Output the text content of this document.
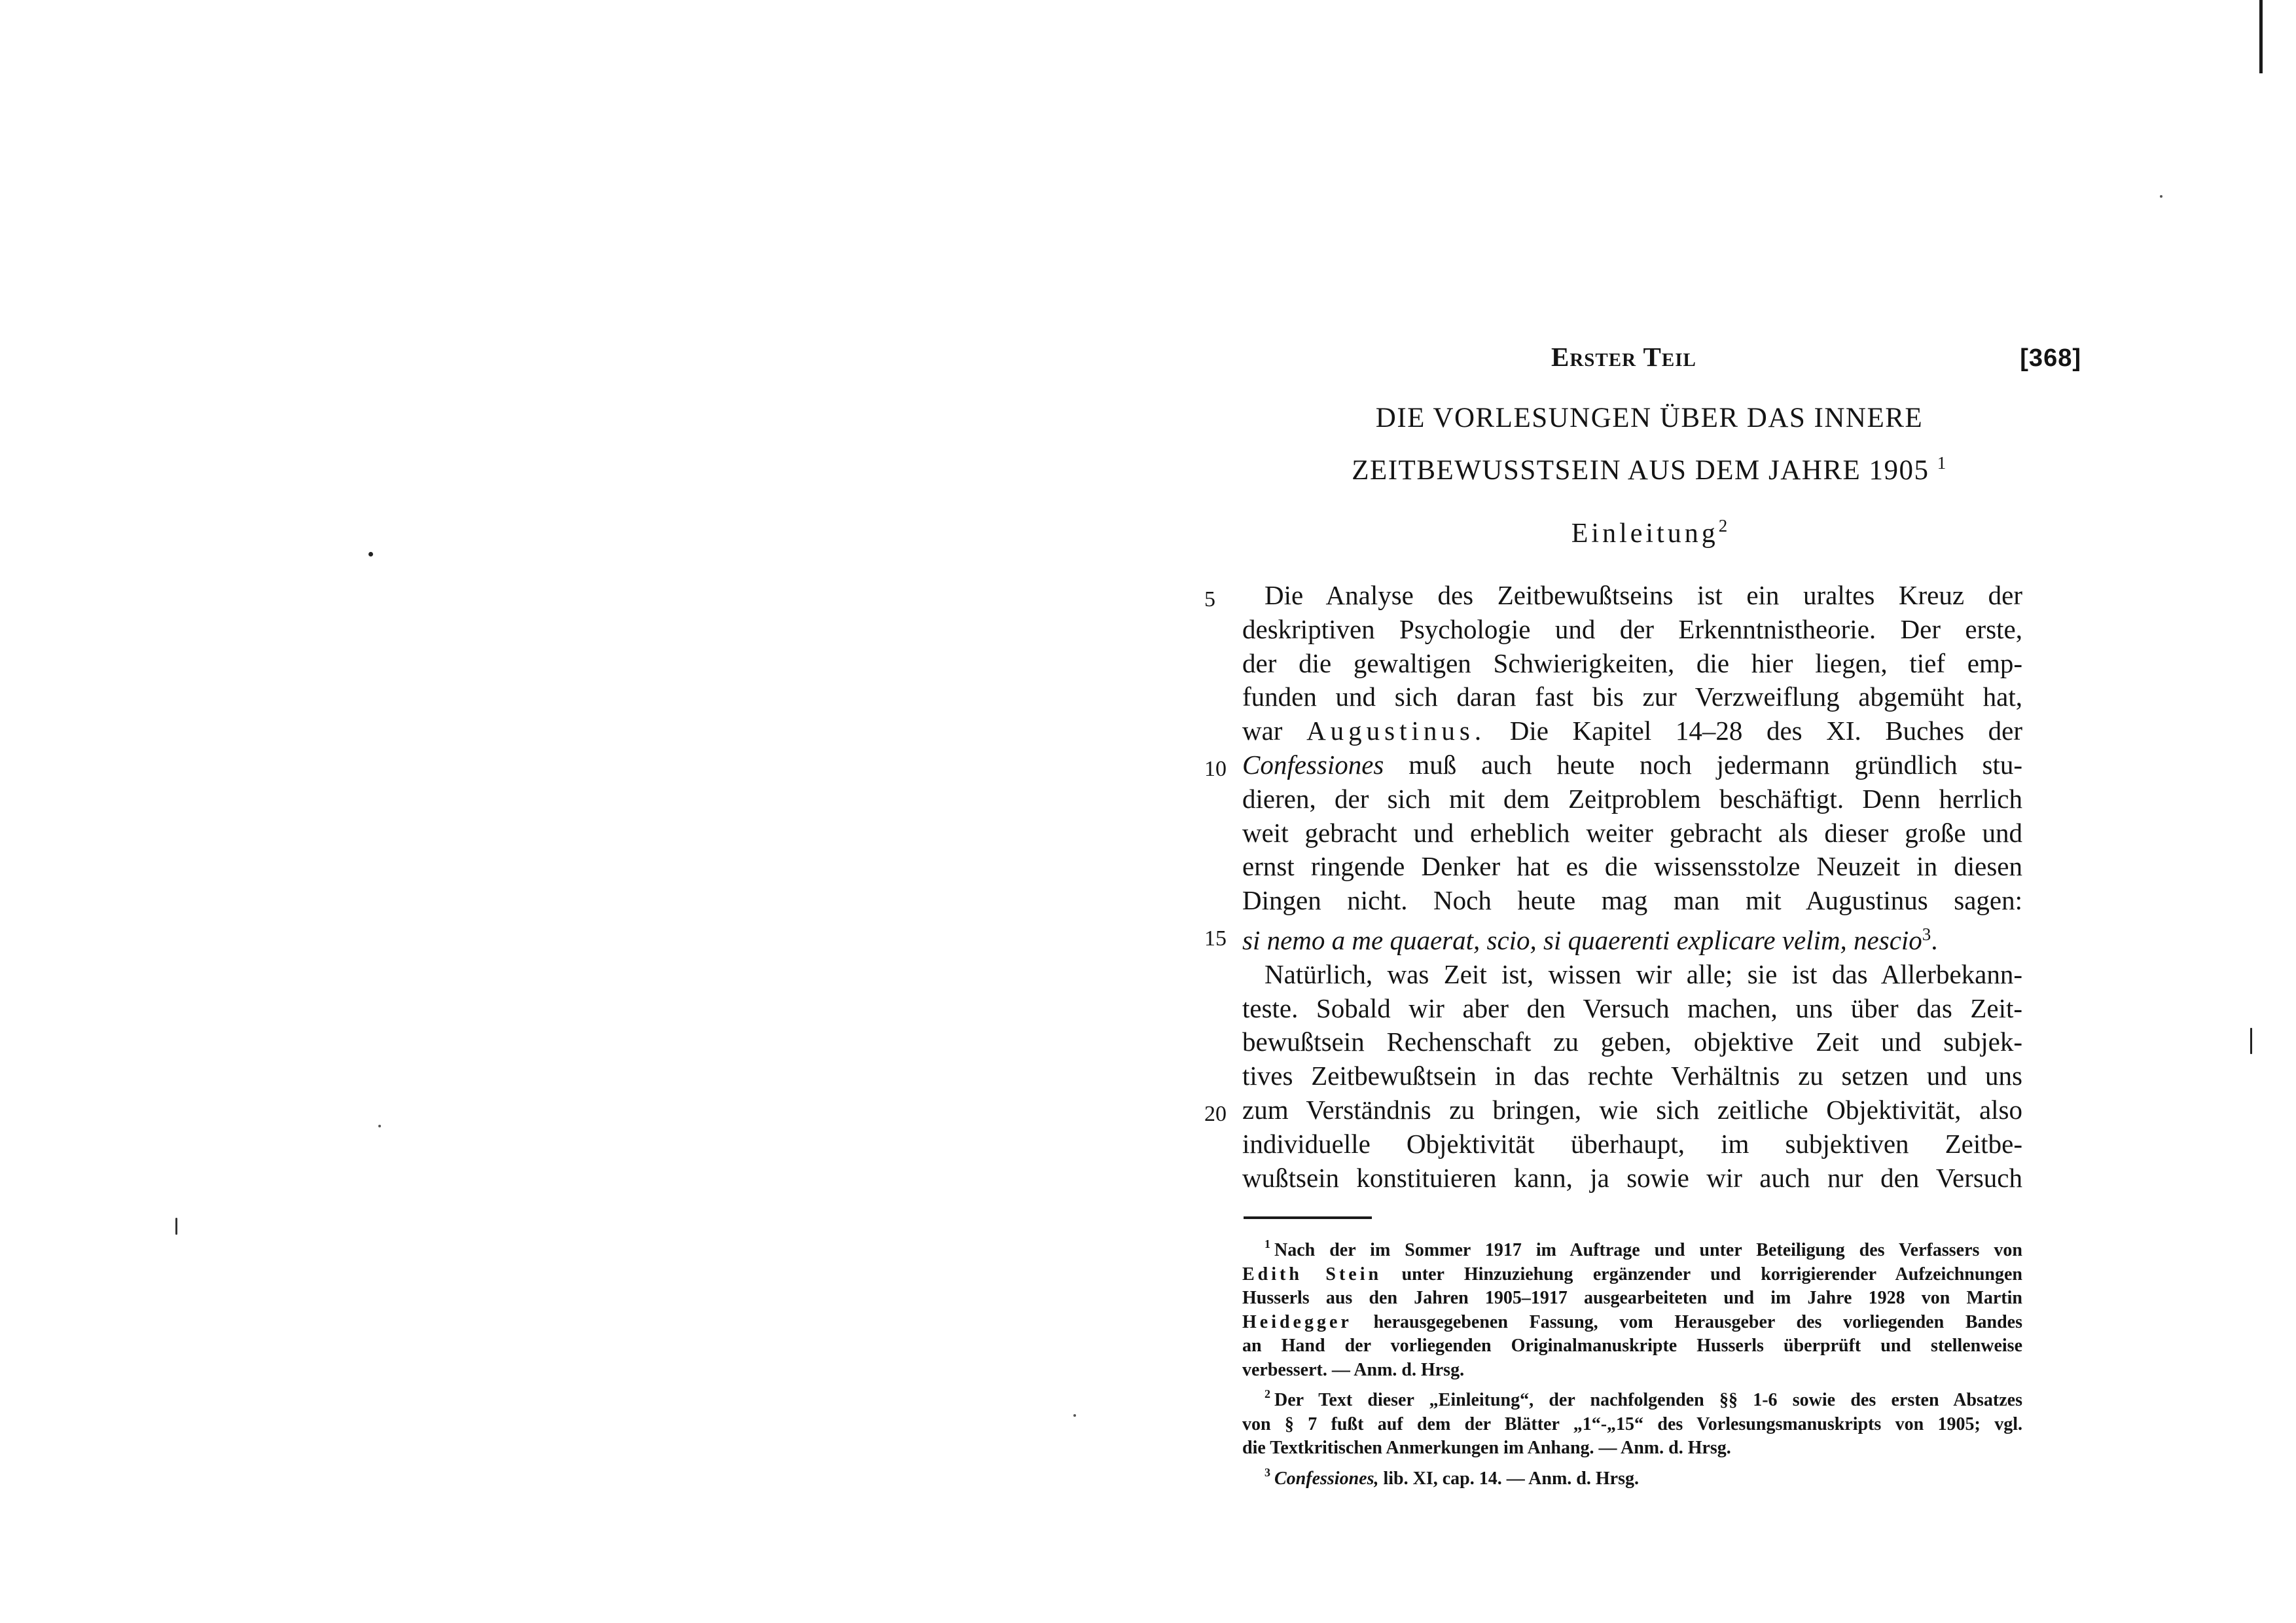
Erster Teil	[368]
DIE VORLESUNGEN ÜBER DAS INNERE
ZEITBEWUSSTSEIN AUS DEM JAHRE 1905 $^1$
Einleitung$^2$
5	Die Analyse des Zeitbewußtseins ist ein uraltes Kreuz der
deskriptiven Psychologie und der Erkenntnistheorie. Der erste,
der die gewaltigen Schwierigkeiten, die hier liegen, tief emp-
funden und sich daran fast bis zur Verzweiflung abgemüht hat,
war Augustinus. Die Kapitel 14–28 des XI. Buches der
10 Confessiones muß auch heute noch jedermann gründlich stu-
dieren, der sich mit dem Zeitproblem beschäftigt. Denn herrlich
weit gebracht und erheblich weiter gebracht als dieser große und
ernst ringende Denker hat es die wissensstolze Neuzeit in diesen
Dingen nicht. Noch heute mag man mit Augustinus sagen:
15 si nemo a me quaerat, scio, si quaerenti explicare velim, nescio$^3$.
Natürlich, was Zeit ist, wissen wir alle; sie ist das Allerbekann-
teste. Sobald wir aber den Versuch machen, uns über das Zeit-
bewußtsein Rechenschaft zu geben, objektive Zeit und subjek-
tives Zeitbewußtsein in das rechte Verhältnis zu setzen und uns
20 zum Verständnis zu bringen, wie sich zeitliche Objektivität, also
individuelle Objektivität überhaupt, im subjektiven Zeitbe-
wußtsein konstituieren kann, ja sowie wir auch nur den Versuch
$^1$ Nach der im Sommer 1917 im Auftrage und unter Beteiligung des Verfassers von
Edith Stein unter Hinzuziehung ergänzender und korrigierender Aufzeichnungen
Husserls aus den Jahren 1905–1917 ausgearbeiteten und im Jahre 1928 von Martin
Heidegger herausgegebenen Fassung, vom Herausgeber des vorliegenden Bandes
an Hand der vorliegenden Originalmanuskripte Husserls überprüft und stellenweise
verbessert. — Anm. d. Hrsg.
$^2$ Der Text dieser „Einleitung“, der nachfolgenden §§ 1-6 sowie des ersten Absatzes
von § 7 fußt auf dem der Blätter „1“-„15“ des Vorlesungsmanuskripts von 1905; vgl.
die Textkritischen Anmerkungen im Anhang. — Anm. d. Hrsg.
$^3$ Confessiones, lib. XI, cap. 14. — Anm. d. Hrsg.
